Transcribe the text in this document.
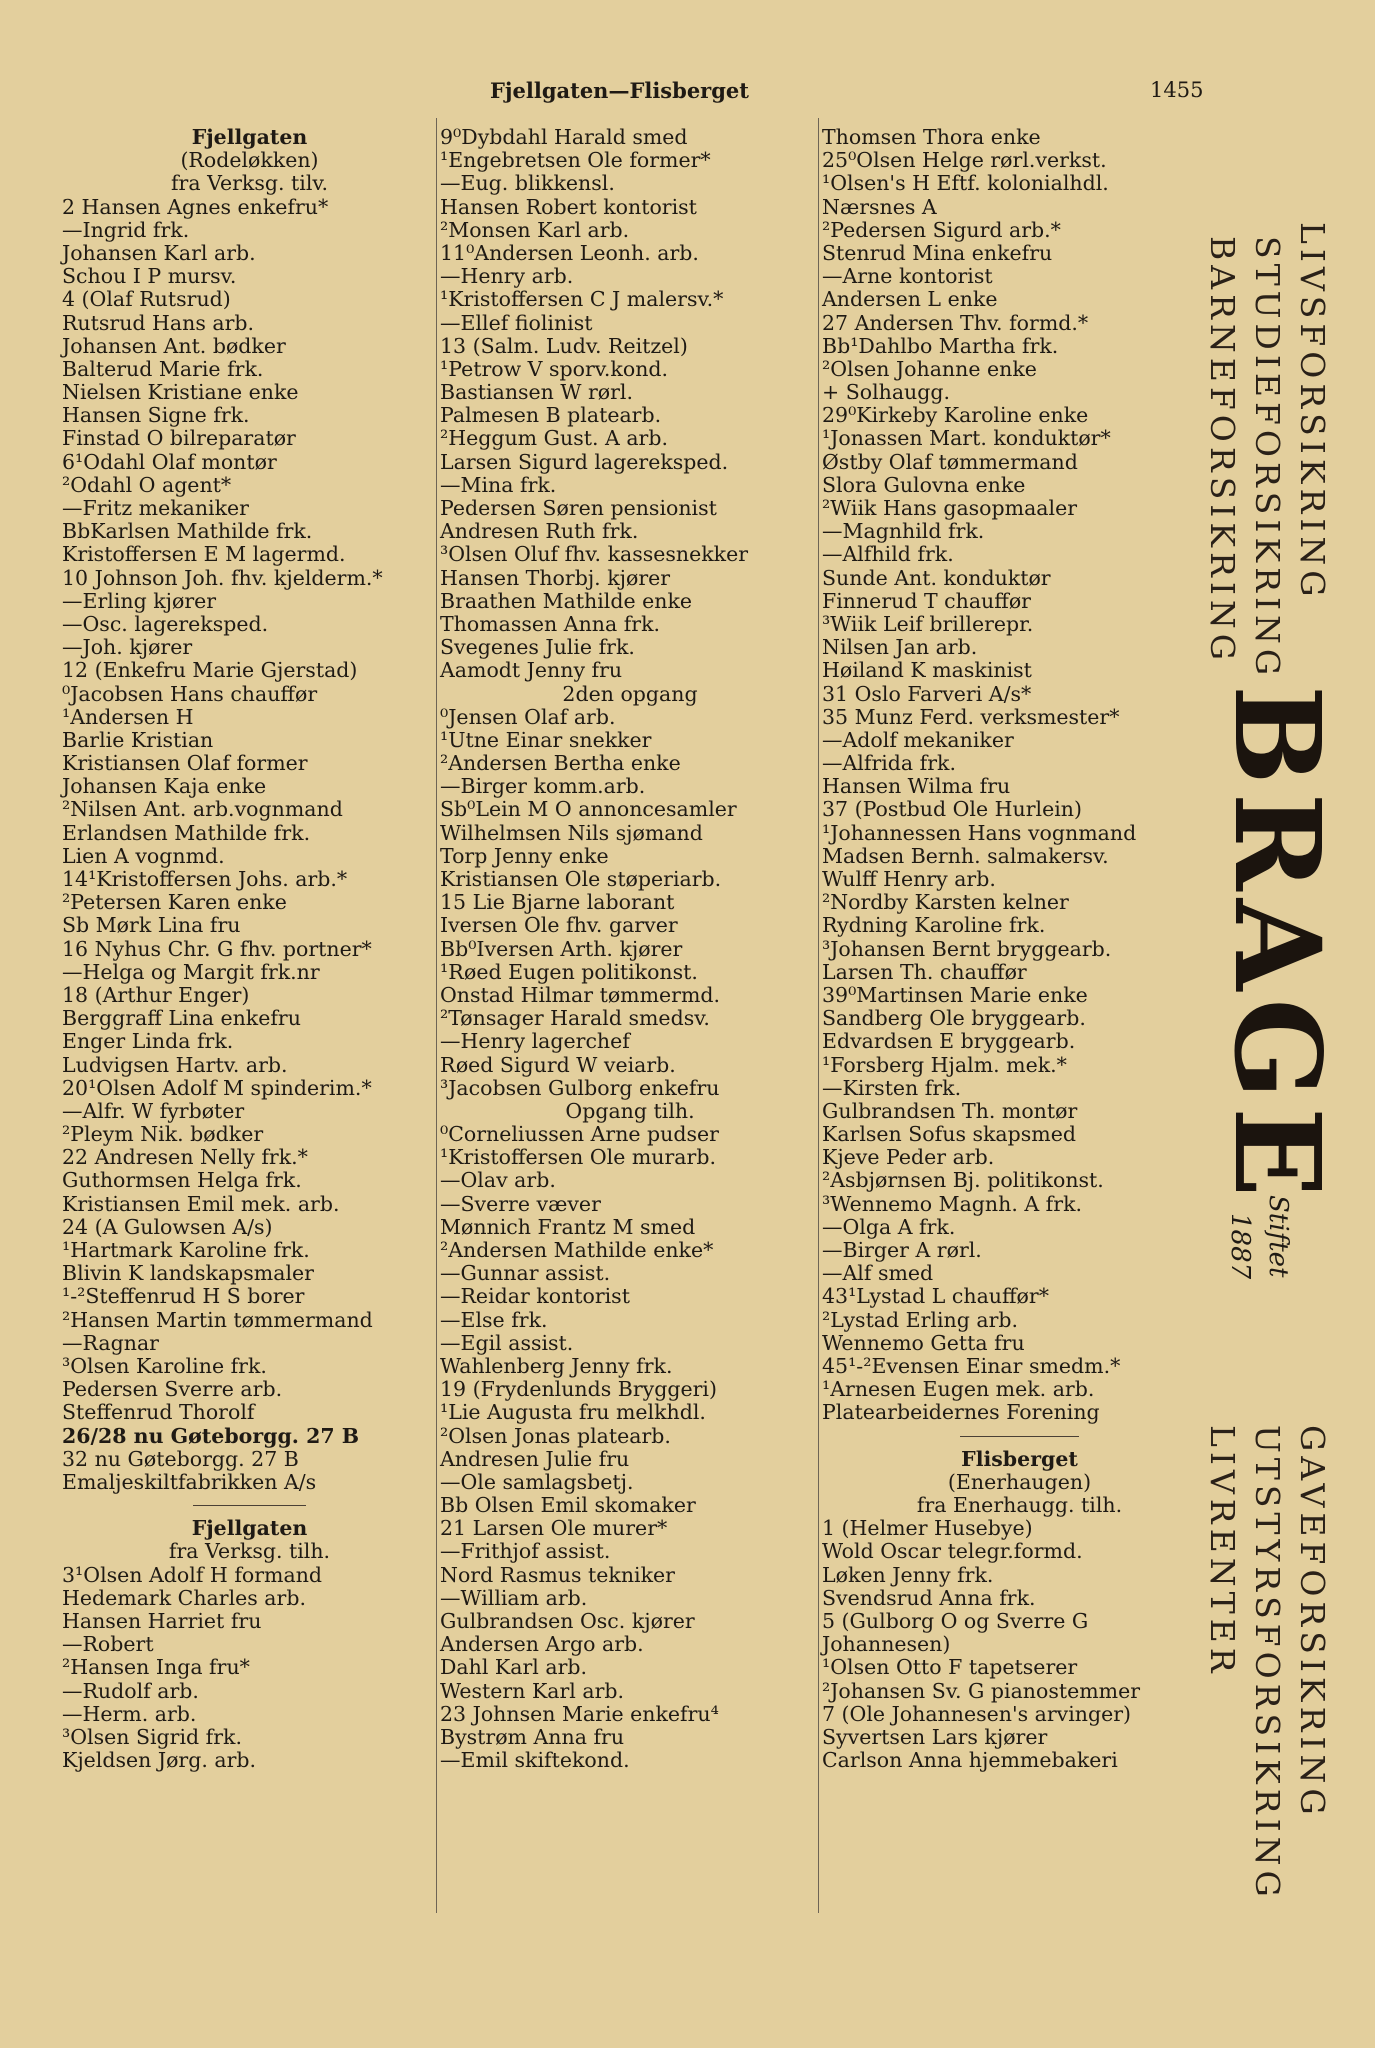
Fjellgaten—Flisberget	1455
Fjellgaten
(Rodeløkken)
fra Verksg. tilv.
2 Hansen Agnes enkefru*
—Ingrid frk.
Johansen Karl arb.
Schou I P mursv.
4 (Olaf Rutsrud)
Rutsrud Hans arb.
Johansen Ant. bødker
Balterud Marie frk.
Nielsen Kristiane enke
Hansen Signe frk.
Finstad O bilreparatør
6¹Odahl Olaf montør
²Odahl O agent*
—Fritz mekaniker
BbKarlsen Mathilde frk.
Kristoffersen E M lagermd.
10 Johnson Joh. fhv. kjelderm.*
—Erling kjører
—Osc. lagereksped.
—Joh. kjører
12 (Enkefru Marie Gjerstad)
⁰Jacobsen Hans chauffør
¹Andersen H
Barlie Kristian
Kristiansen Olaf former
Johansen Kaja enke
²Nilsen Ant. arb.vognmand
Erlandsen Mathilde frk.
Lien A vognmd.
14¹Kristoffersen Johs. arb.*
²Petersen Karen enke
Sb Mørk Lina fru
16 Nyhus Chr. G fhv. portner*
—Helga og Margit frk.nr
18 (Arthur Enger)
Berggraff Lina enkefru
Enger Linda frk.
Ludvigsen Hartv. arb.
20¹Olsen Adolf M spinderim.*
—Alfr. W fyrbøter
²Pleym Nik. bødker
22 Andresen Nelly frk.*
Guthormsen Helga frk.
Kristiansen Emil mek. arb.
24 (A Gulowsen A/s)
¹Hartmark Karoline frk.
Blivin K landskapsmaler
¹-²Steffenrud H S borer
²Hansen Martin tømmermand
—Ragnar
³Olsen Karoline frk.
Pedersen Sverre arb.
Steffenrud Thorolf
26/28 nu Gøteborgg. 27 B
32 nu Gøteborgg. 27 B
Emaljeskiltfabrikken A/s
Fjellgaten
fra Verksg. tilh.
3¹Olsen Adolf H formand
Hedemark Charles arb.
Hansen Harriet fru
—Robert
²Hansen Inga fru*
—Rudolf arb.
—Herm. arb.
³Olsen Sigrid frk.
Kjeldsen Jørg. arb.
9⁰Dybdahl Harald smed
¹Engebretsen Ole former*
—Eug. blikkensl.
Hansen Robert kontorist
²Monsen Karl arb.
11⁰Andersen Leonh. arb.
—Henry arb.
¹Kristoffersen C J malersv.*
—Ellef fiolinist
13 (Salm. Ludv. Reitzel)
¹Petrow V sporv.kond.
Bastiansen W rørl.
Palmesen B platearb.
²Heggum Gust. A arb.
Larsen Sigurd lagereksped.
—Mina frk.
Pedersen Søren pensionist
Andresen Ruth frk.
³Olsen Oluf fhv. kassesnekker
Hansen Thorbj. kjører
Braathen Mathilde enke
Thomassen Anna frk.
Svegenes Julie frk.
Aamodt Jenny fru
2den opgang
⁰Jensen Olaf arb.
¹Utne Einar snekker
²Andersen Bertha enke
—Birger komm.arb.
Sb⁰Lein M O annoncesamler
Wilhelmsen Nils sjømand
Torp Jenny enke
Kristiansen Ole støperiarb.
15 Lie Bjarne laborant
Iversen Ole fhv. garver
Bb⁰Iversen Arth. kjører
¹Røed Eugen politikonst.
Onstad Hilmar tømmermd.
²Tønsager Harald smedsv.
—Henry lagerchef
Røed Sigurd W veiarb.
³Jacobsen Gulborg enkefru
Opgang tilh.
⁰Corneliussen Arne pudser
¹Kristoffersen Ole murarb.
—Olav arb.
—Sverre væver
Mønnich Frantz M smed
²Andersen Mathilde enke*
—Gunnar assist.
—Reidar kontorist
—Else frk.
—Egil assist.
Wahlenberg Jenny frk.
19 (Frydenlunds Bryggeri)
¹Lie Augusta fru melkhdl.
²Olsen Jonas platearb.
Andresen Julie fru
—Ole samlagsbetj.
Bb Olsen Emil skomaker
21 Larsen Ole murer*
—Frithjof assist.
Nord Rasmus tekniker
—William arb.
Gulbrandsen Osc. kjører
Andersen Argo arb.
Dahl Karl arb.
Western Karl arb.
23 Johnsen Marie enkefru⁴
Bystrøm Anna fru
—Emil skiftekond.
Thomsen Thora enke
25⁰Olsen Helge rørl.verkst.
¹Olsen's H Eftf. kolonialhdl.
Nærsnes A
²Pedersen Sigurd arb.*
Stenrud Mina enkefru
—Arne kontorist
Andersen L enke
27 Andersen Thv. formd.*
Bb¹Dahlbo Martha frk.
²Olsen Johanne enke
+ Solhaugg.
29⁰Kirkeby Karoline enke
¹Jonassen Mart. konduktør*
Østby Olaf tømmermand
Slora Gulovna enke
²Wiik Hans gasopmaaler
—Magnhild frk.
—Alfhild frk.
Sunde Ant. konduktør
Finnerud T chauffør
³Wiik Leif brillerepr.
Nilsen Jan arb.
Høiland K maskinist
31 Oslo Farveri A/s*
35 Munz Ferd. verksmester*
—Adolf mekaniker
—Alfrida frk.
Hansen Wilma fru
37 (Postbud Ole Hurlein)
¹Johannessen Hans vognmand
Madsen Bernh. salmakersv.
Wulff Henry arb.
²Nordby Karsten kelner
Rydning Karoline frk.
³Johansen Bernt bryggearb.
Larsen Th. chauffør
39⁰Martinsen Marie enke
Sandberg Ole bryggearb.
Edvardsen E bryggearb.
¹Forsberg Hjalm. mek.*
—Kirsten frk.
Gulbrandsen Th. montør
Karlsen Sofus skapsmed
Kjeve Peder arb.
²Asbjørnsen Bj. politikonst.
³Wennemo Magnh. A frk.
—Olga A frk.
—Birger A rørl.
—Alf smed
43¹Lystad L chauffør*
²Lystad Erling arb.
Wennemo Getta fru
45¹-²Evensen Einar smedm.*
¹Arnesen Eugen mek. arb.
Platearbeidernes Forening
Flisberget
(Enerhaugen)
fra Enerhaugg. tilh.
1 (Helmer Husebye)
Wold Oscar telegr.formd.
Løken Jenny frk.
Svendsrud Anna frk.
5 (Gulborg O og Sverre G
Johannesen)
¹Olsen Otto F tapetserer
²Johansen Sv. G pianostemmer
7 (Ole Johannesen's arvinger)
Syvertsen Lars kjører
Carlson Anna hjemmebakeri
LIVSFORSIKRING
STUDIEFORSIKRING
BARNEFORSIKRING
BRAGE
Stiftet
1887
GAVEFORSIKRING
UTSTYRSFORSIKRING
LIVRENTER
